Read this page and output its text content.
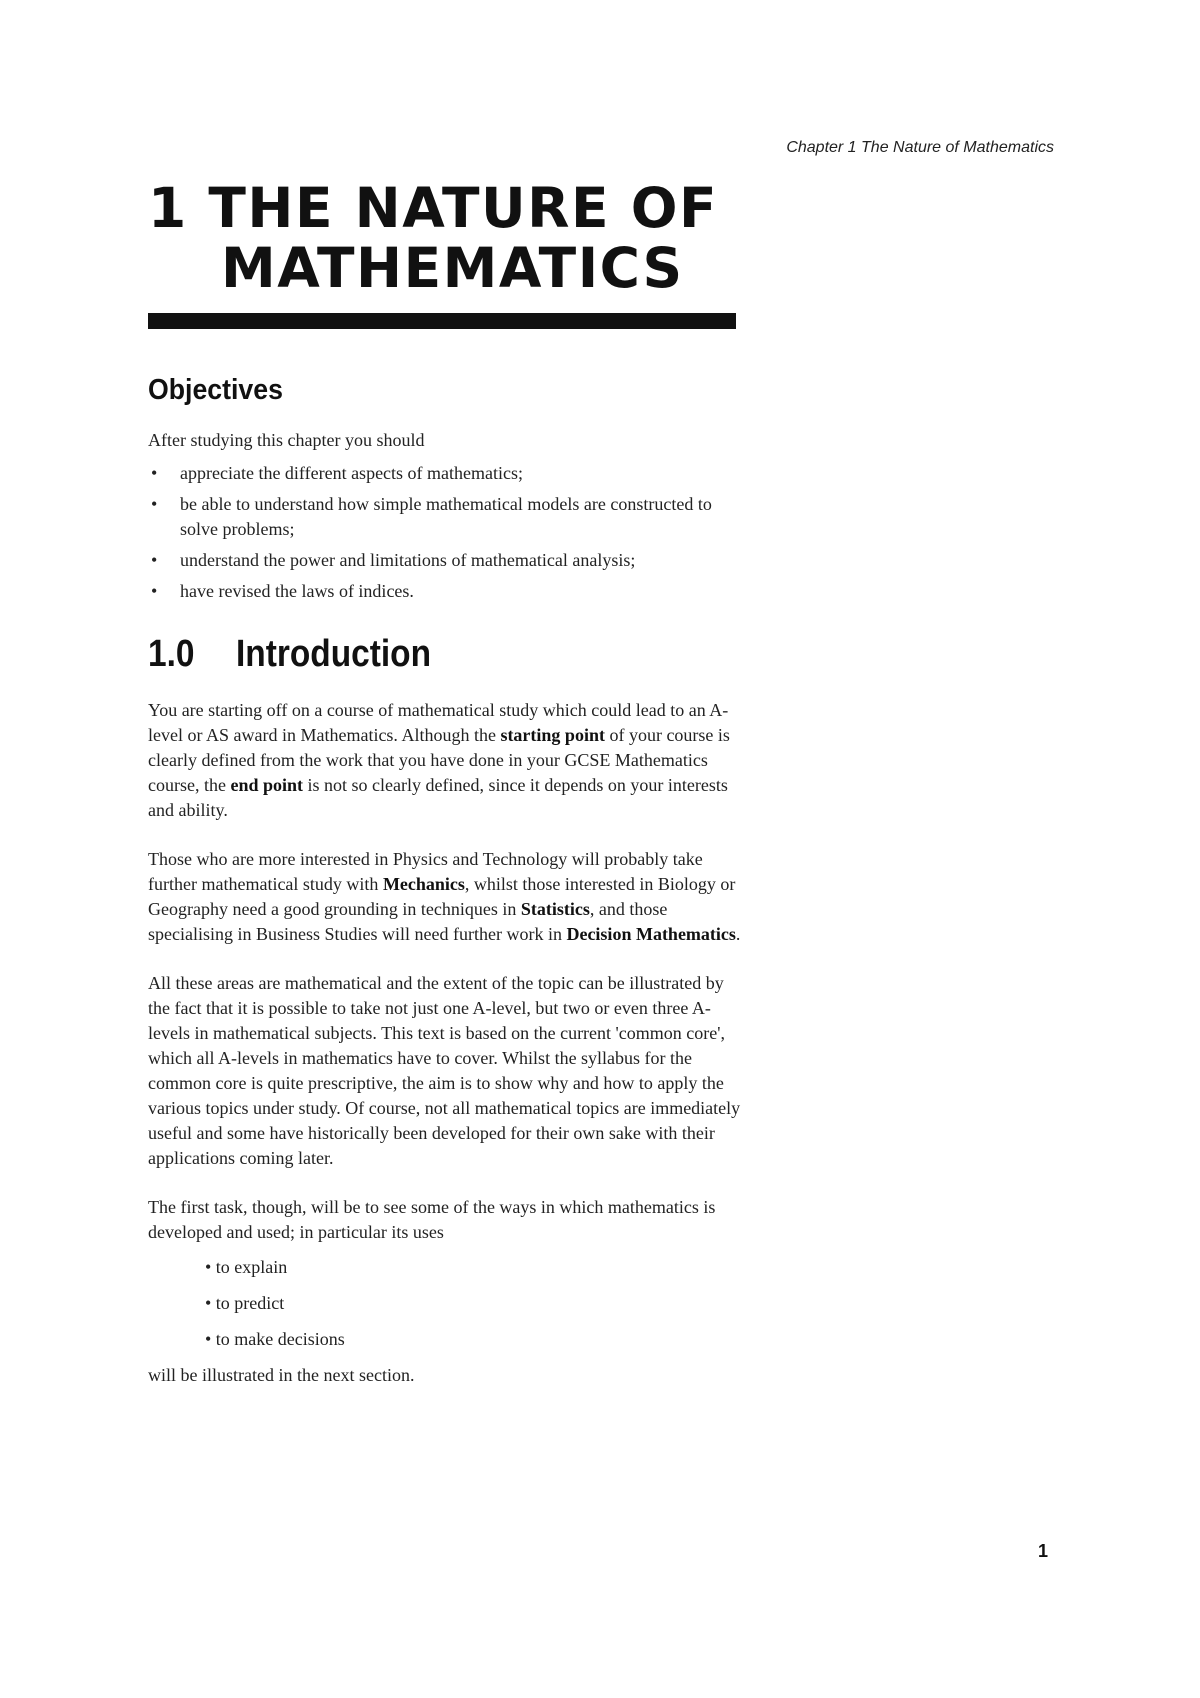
Chapter 1 The Nature of Mathematics
1 THE NATURE OF
MATHEMATICS
Objectives

After studying this chapter you should

• appreciate the different aspects of mathematics;
• be able to understand how simple mathematical models are constructed to solve problems;
• understand the power and limitations of mathematical analysis;
• have revised the laws of indices.
1.0 Introduction

You are starting off on a course of mathematical study which could lead to an A-level or AS award in Mathematics. Although the starting point of your course is clearly defined from the work that you have done in your GCSE Mathematics course, the end point is not so clearly defined, since it depends on your interests and ability.

Those who are more interested in Physics and Technology will probably take further mathematical study with Mechanics, whilst those interested in Biology or Geography need a good grounding in techniques in Statistics, and those specialising in Business Studies will need further work in Decision Mathematics.

All these areas are mathematical and the extent of the topic can be illustrated by the fact that it is possible to take not just one A-level, but two or even three A-levels in mathematical subjects. This text is based on the current 'common core', which all A-levels in mathematics have to cover. Whilst the syllabus for the common core is quite prescriptive, the aim is to show why and how to apply the various topics under study. Of course, not all mathematical topics are immediately useful and some have historically been developed for their own sake with their applications coming later.

The first task, though, will be to see some of the ways in which mathematics is developed and used; in particular its uses

• to explain
• to predict
• to make decisions

will be illustrated in the next section.

1
